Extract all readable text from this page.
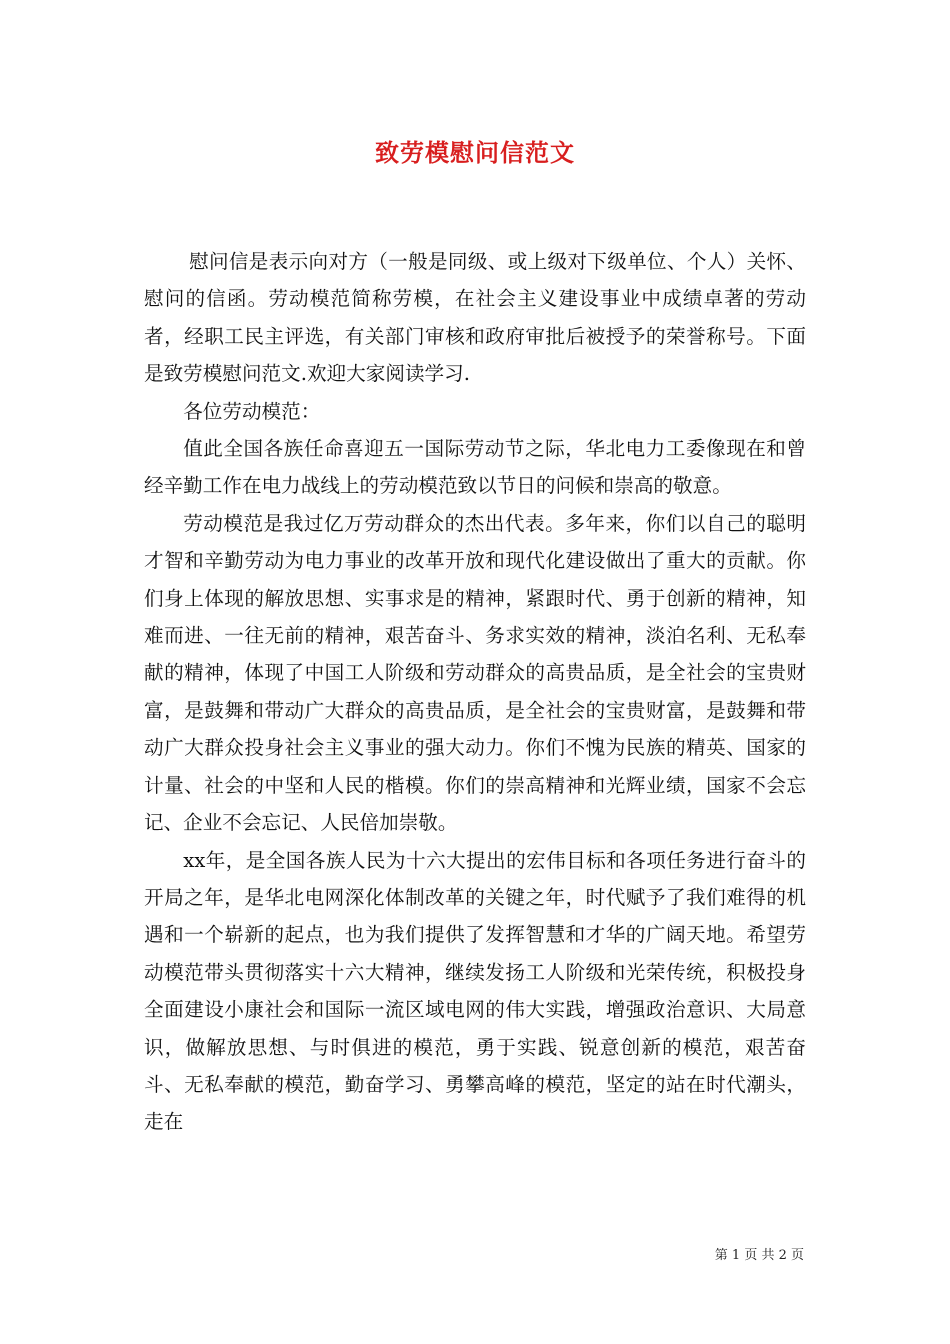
致劳模慰问信范文

慰问信是表示向对方（一般是同级、或上级对下级单位、个人）关怀、慰问的信函。劳动模范简称劳模，在社会主义建设事业中成绩卓著的劳动者，经职工民主评选，有关部门审核和政府审批后被授予的荣誉称号。下面是致劳模慰问范文.欢迎大家阅读学习.

各位劳动模范：

值此全国各族任命喜迎五一国际劳动节之际，华北电力工委像现在和曾经辛勤工作在电力战线上的劳动模范致以节日的问候和崇高的敬意。

劳动模范是我过亿万劳动群众的杰出代表。多年来，你们以自己的聪明才智和辛勤劳动为电力事业的改革开放和现代化建设做出了重大的贡献。你们身上体现的解放思想、实事求是的精神，紧跟时代、勇于创新的精神，知难而进、一往无前的精神，艰苦奋斗、务求实效的精神，淡泊名利、无私奉献的精神，体现了中国工人阶级和劳动群众的高贵品质，是全社会的宝贵财富，是鼓舞和带动广大群众的高贵品质，是全社会的宝贵财富，是鼓舞和带动广大群众投身社会主义事业的强大动力。你们不愧为民族的精英、国家的计量、社会的中坚和人民的楷模。你们的崇高精神和光辉业绩，国家不会忘记、企业不会忘记、人民倍加崇敬。

xx年，是全国各族人民为十六大提出的宏伟目标和各项任务进行奋斗的开局之年，是华北电网深化体制改革的关键之年，时代赋予了我们难得的机遇和一个崭新的起点，也为我们提供了发挥智慧和才华的广阔天地。希望劳动模范带头贯彻落实十六大精神，继续发扬工人阶级和光荣传统，积极投身全面建设小康社会和国际一流区域电网的伟大实践，增强政治意识、大局意识，做解放思想、与时俱进的模范，勇于实践、锐意创新的模范，艰苦奋斗、无私奉献的模范，勤奋学习、勇攀高峰的模范，坚定的站在时代潮头，走在

第 1 页 共 2 页
